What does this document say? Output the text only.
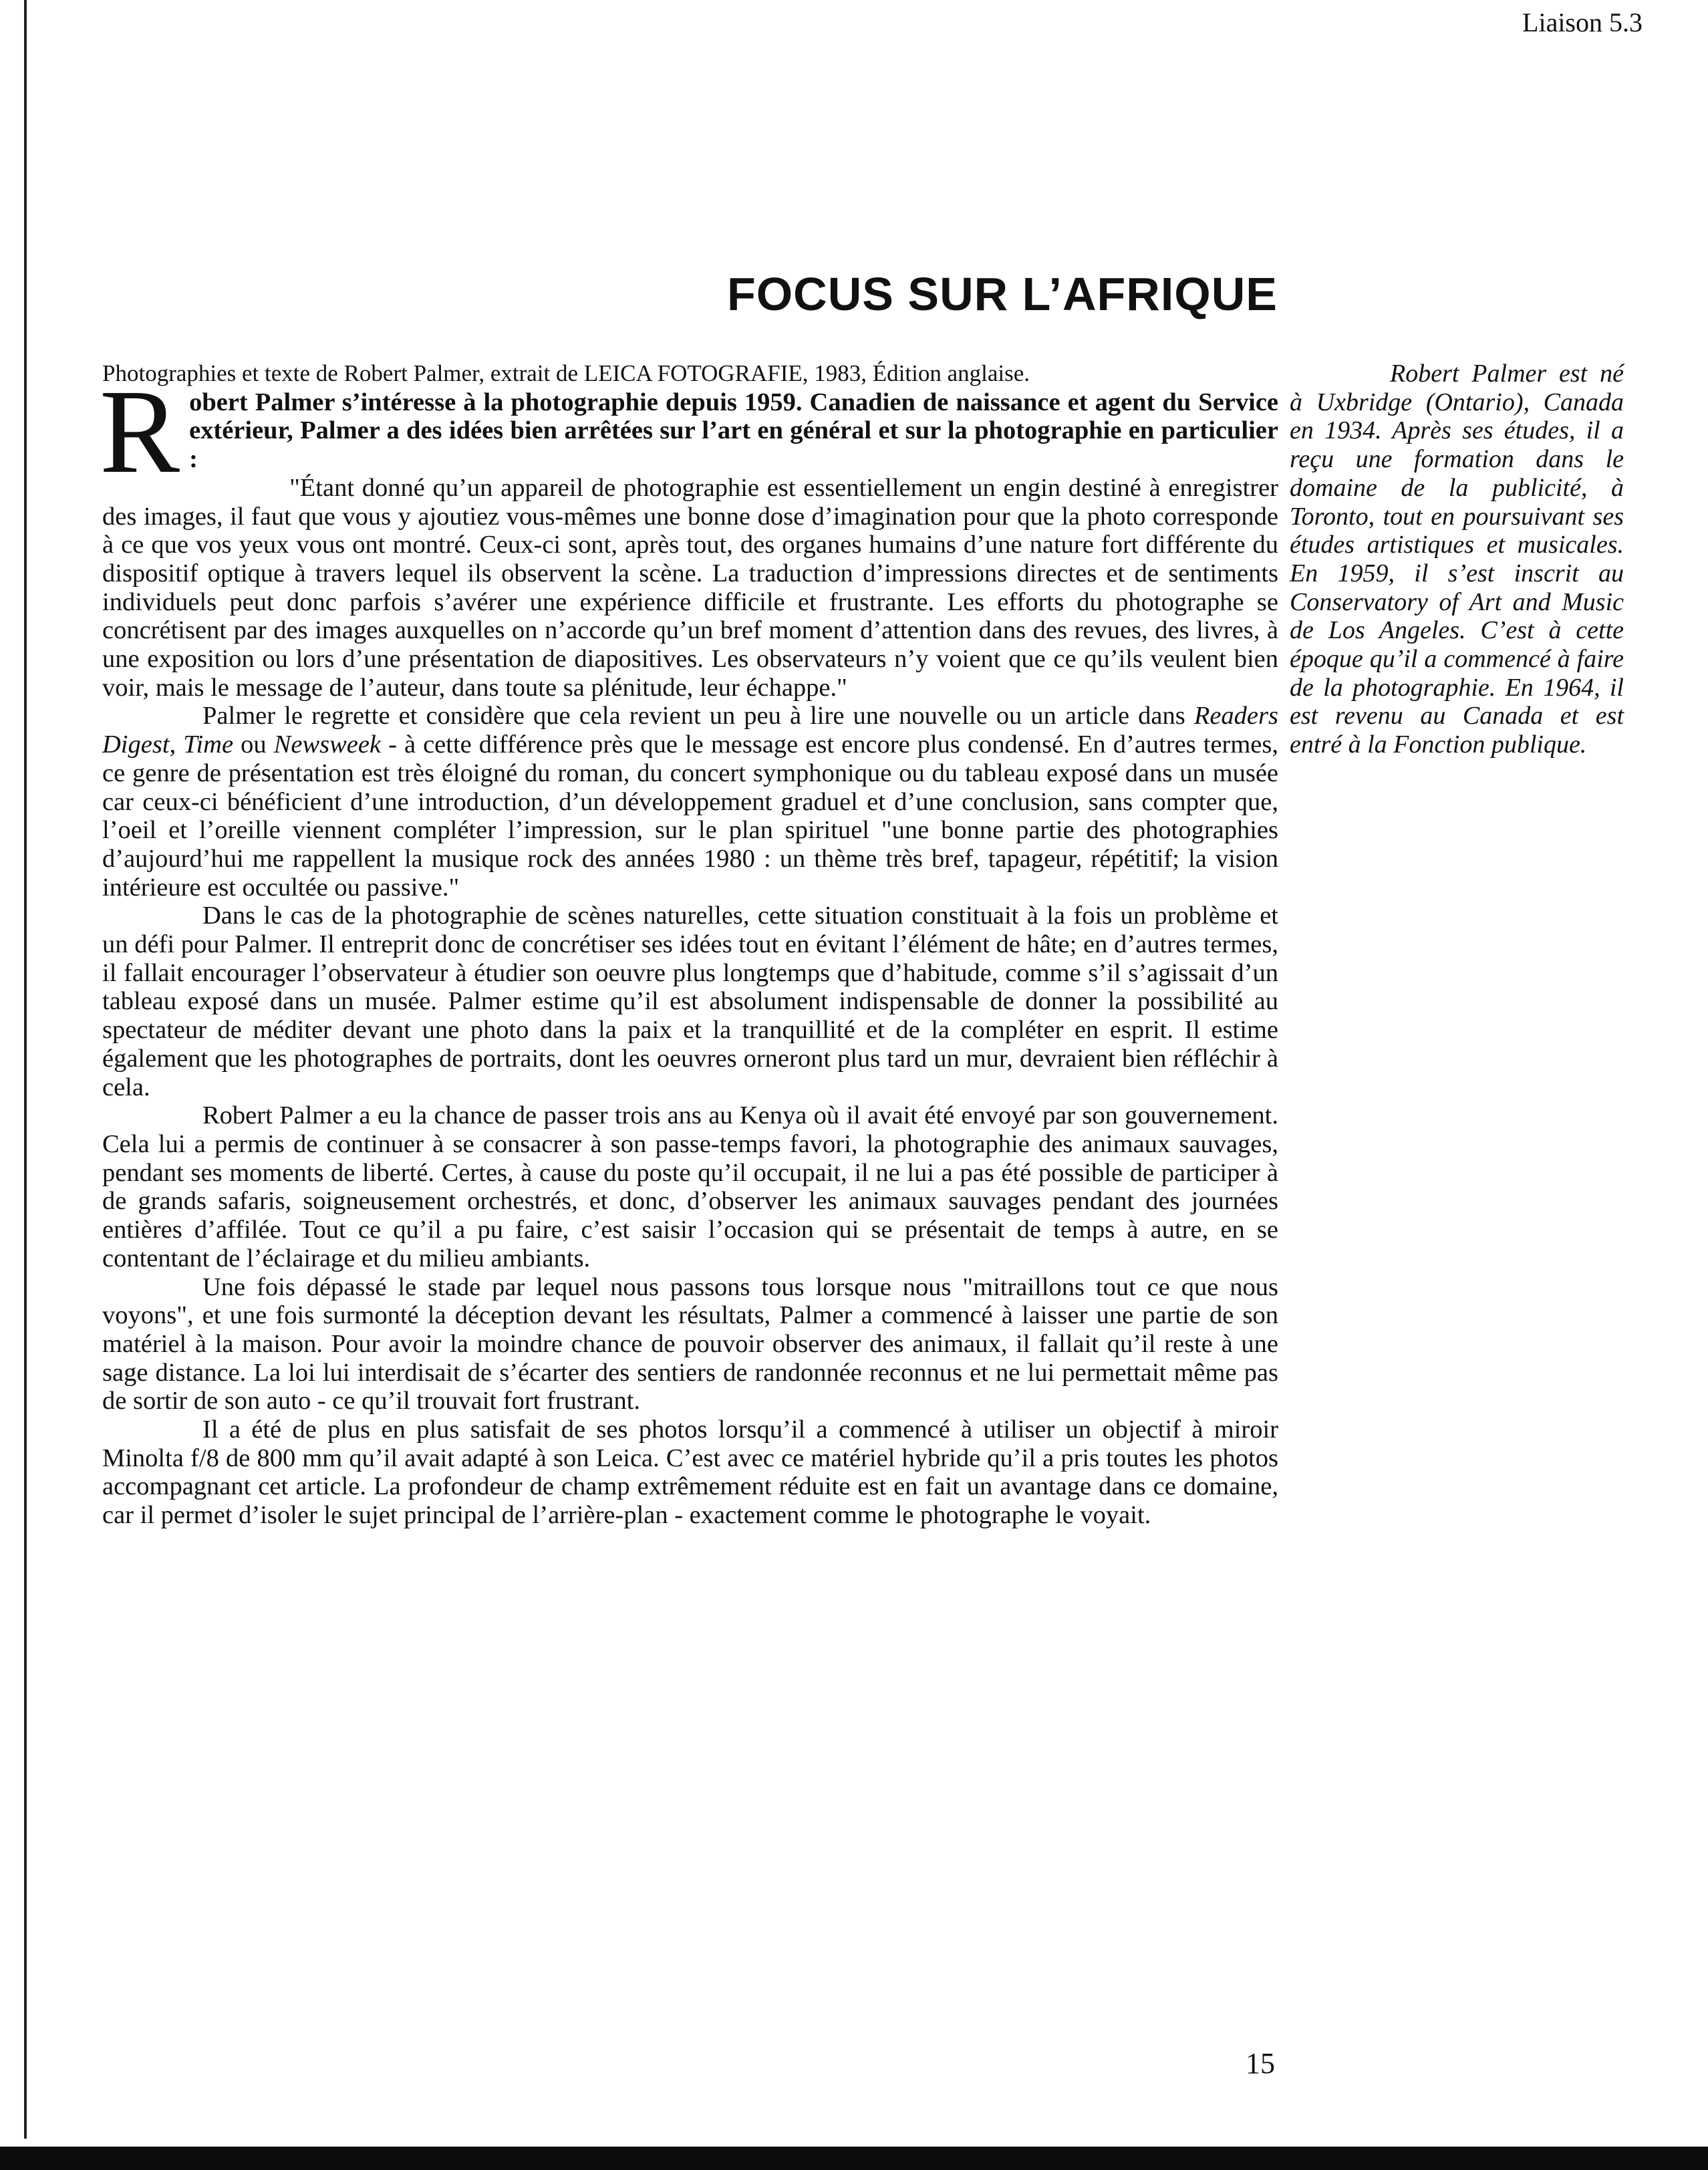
Liaison 5.3
FOCUS SUR L’AFRIQUE

Photographies et texte de Robert Palmer, extrait de LEICA FOTOGRAFIE, 1983, Édition anglaise.

Robert Palmer s’intéresse à la photographie depuis 1959. Canadien de naissance et agent du Service extérieur, Palmer a des idées bien arrêtées sur l’art en général et sur la photographie en particulier :

"Étant donné qu’un appareil de photographie est essentiellement un engin destiné à enregistrer des images, il faut que vous y ajoutiez vous-mêmes une bonne dose d’imagination pour que la photo corresponde à ce que vos yeux vous ont montré. Ceux-ci sont, après tout, des organes humains d’une nature fort différente du dispositif optique à travers lequel ils observent la scène. La traduction d’impressions directes et de sentiments individuels peut donc parfois s’avérer une expérience difficile et frustrante. Les efforts du photographe se concrétisent par des images auxquelles on n’accorde qu’un bref moment d’attention dans des revues, des livres, à une exposition ou lors d’une présentation de diapositives. Les observateurs n’y voient que ce qu’ils veulent bien voir, mais le message de l’auteur, dans toute sa plénitude, leur échappe."

Palmer le regrette et considère que cela revient un peu à lire une nouvelle ou un article dans Readers Digest, Time ou Newsweek - à cette différence près que le message est encore plus condensé. En d’autres termes, ce genre de présentation est très éloigné du roman, du concert symphonique ou du tableau exposé dans un musée car ceux-ci bénéficient d’une introduction, d’un développement graduel et d’une conclusion, sans compter que, l’oeil et l’oreille viennent compléter l’impression, sur le plan spirituel "une bonne partie des photographies d’aujourd’hui me rappellent la musique rock des années 1980 : un thème très bref, tapageur, répétitif; la vision intérieure est occultée ou passive."

Dans le cas de la photographie de scènes naturelles, cette situation constituait à la fois un problème et un défi pour Palmer. Il entreprit donc de concrétiser ses idées tout en évitant l’élément de hâte; en d’autres termes, il fallait encourager l’observateur à étudier son oeuvre plus longtemps que d’habitude, comme s’il s’agissait d’un tableau exposé dans un musée. Palmer estime qu’il est absolument indispensable de donner la possibilité au spectateur de méditer devant une photo dans la paix et la tranquillité et de la compléter en esprit. Il estime également que les photographes de portraits, dont les oeuvres orneront plus tard un mur, devraient bien réfléchir à cela.

Robert Palmer a eu la chance de passer trois ans au Kenya où il avait été envoyé par son gouvernement. Cela lui a permis de continuer à se consacrer à son passe-temps favori, la photographie des animaux sauvages, pendant ses moments de liberté. Certes, à cause du poste qu’il occupait, il ne lui a pas été possible de participer à de grands safaris, soigneusement orchestrés, et donc, d’observer les animaux sauvages pendant des journées entières d’affilée. Tout ce qu’il a pu faire, c’est saisir l’occasion qui se présentait de temps à autre, en se contentant de l’éclairage et du milieu ambiants.

Une fois dépassé le stade par lequel nous passons tous lorsque nous "mitraillons tout ce que nous voyons", et une fois surmonté la déception devant les résultats, Palmer a commencé à laisser une partie de son matériel à la maison. Pour avoir la moindre chance de pouvoir observer des animaux, il fallait qu’il reste à une sage distance. La loi lui interdisait de s’écarter des sentiers de randonnée reconnus et ne lui permettait même pas de sortir de son auto - ce qu’il trouvait fort frustrant.

Il a été de plus en plus satisfait de ses photos lorsqu’il a commencé à utiliser un objectif à miroir Minolta f/8 de 800 mm qu’il avait adapté à son Leica. C’est avec ce matériel hybride qu’il a pris toutes les photos accompagnant cet article. La profondeur de champ extrêmement réduite est en fait un avantage dans ce domaine, car il permet d’isoler le sujet principal de l’arrière-plan - exactement comme le photographe le voyait.

Robert Palmer est né à Uxbridge (Ontario), Canada en 1934. Après ses études, il a reçu une formation dans le domaine de la publicité, à Toronto, tout en poursuivant ses études artistiques et musicales. En 1959, il s’est inscrit au Conservatory of Art and Music de Los Angeles. C’est à cette époque qu’il a commencé à faire de la photographie. En 1964, il est revenu au Canada et est entré à la Fonction publique.

15
